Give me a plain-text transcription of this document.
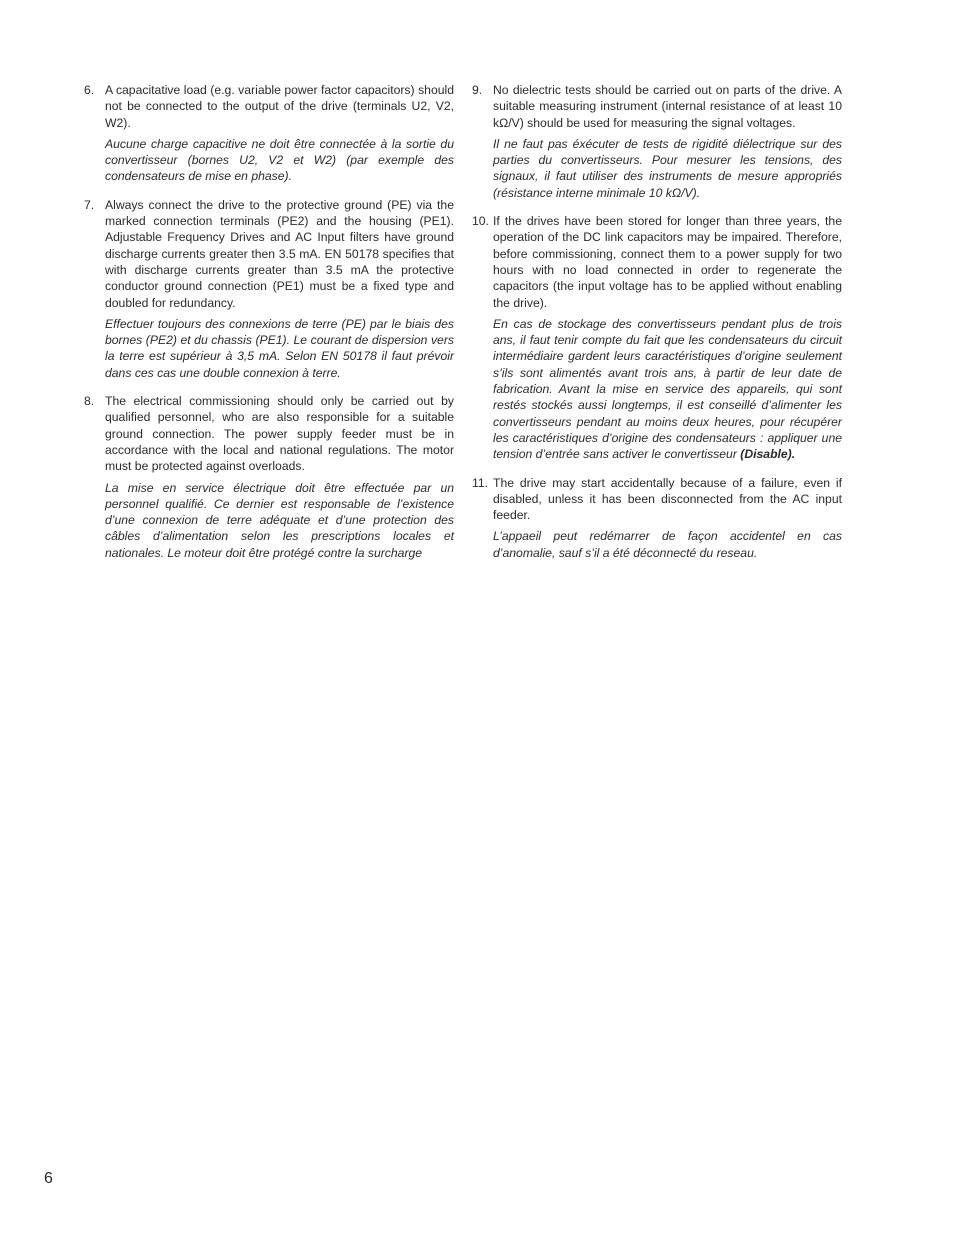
6. A capacitative load (e.g. variable power factor capacitors) should not be connected to the output of the drive (terminals U2, V2, W2).

Aucune charge capacitive ne doit être connectée à la sortie du convertisseur (bornes U2, V2 et W2) (par exemple des condensateurs de mise en phase).

7. Always connect the drive to the protective ground (PE) via the marked connection terminals (PE2) and the housing (PE1). Adjustable Frequency Drives and AC Input filters have ground discharge currents greater then 3.5 mA. EN 50178 specifies that with discharge currents greater than 3.5 mA the protective conductor ground connection (PE1) must be a fixed type and doubled for redundancy.

Effectuer toujours des connexions de terre (PE) par le biais des bornes (PE2) et du chassis (PE1). Le courant de dispersion vers la terre est supérieur à 3,5 mA. Selon EN 50178 il faut prévoir dans ces cas une double connexion à terre.

8. The electrical commissioning should only be carried out by qualified personnel, who are also responsible for a suitable ground connection. The power supply feeder must be in accordance with the local and national regulations. The motor must be protected against overloads.

La mise en service électrique doit être effectuée par un personnel qualifié. Ce dernier est responsable de l’existence d’une connexion de terre adéquate et d’une protection des câbles d’alimentation selon les prescriptions locales et nationales. Le moteur doit être protégé contre la surcharge

9. No dielectric tests should be carried out on parts of the drive. A suitable measuring instrument (internal resistance of at least 10 kΩ/V) should be used for measuring the signal voltages.

Il ne faut pas éxécuter de tests de rigidité diélectrique sur des parties du convertisseurs. Pour mesurer les tensions, des signaux, il faut utiliser des instruments de mesure appropriés (résistance interne minimale 10 kΩ/V).

10. If the drives have been stored for longer than three years, the operation of the DC link capacitors may be impaired. Therefore, before commissioning, connect them to a power supply for two hours with no load connected in order to regenerate the capacitors (the input voltage has to be applied without enabling the drive).

En cas de stockage des convertisseurs pendant plus de trois ans, il faut tenir compte du fait que les condensateurs du circuit intermédiaire gardent leurs caractéristiques d’origine seulement s’ils sont alimentés avant trois ans, à partir de leur date de fabrication. Avant la mise en service des appareils, qui sont restés stockés aussi longtemps, il est conseillé d’alimenter les convertisseurs pendant au moins deux heures, pour récupérer les caractéristiques d’origine des condensateurs : appliquer une tension d’entrée sans activer le convertisseur (Disable).

11. The drive may start accidentally because of a failure, even if disabled, unless it has been disconnected from the AC input feeder.

L’appaeil peut redémarrer de façon accidentel en cas d’anomalie, sauf s’il a été déconnecté du reseau.

6
